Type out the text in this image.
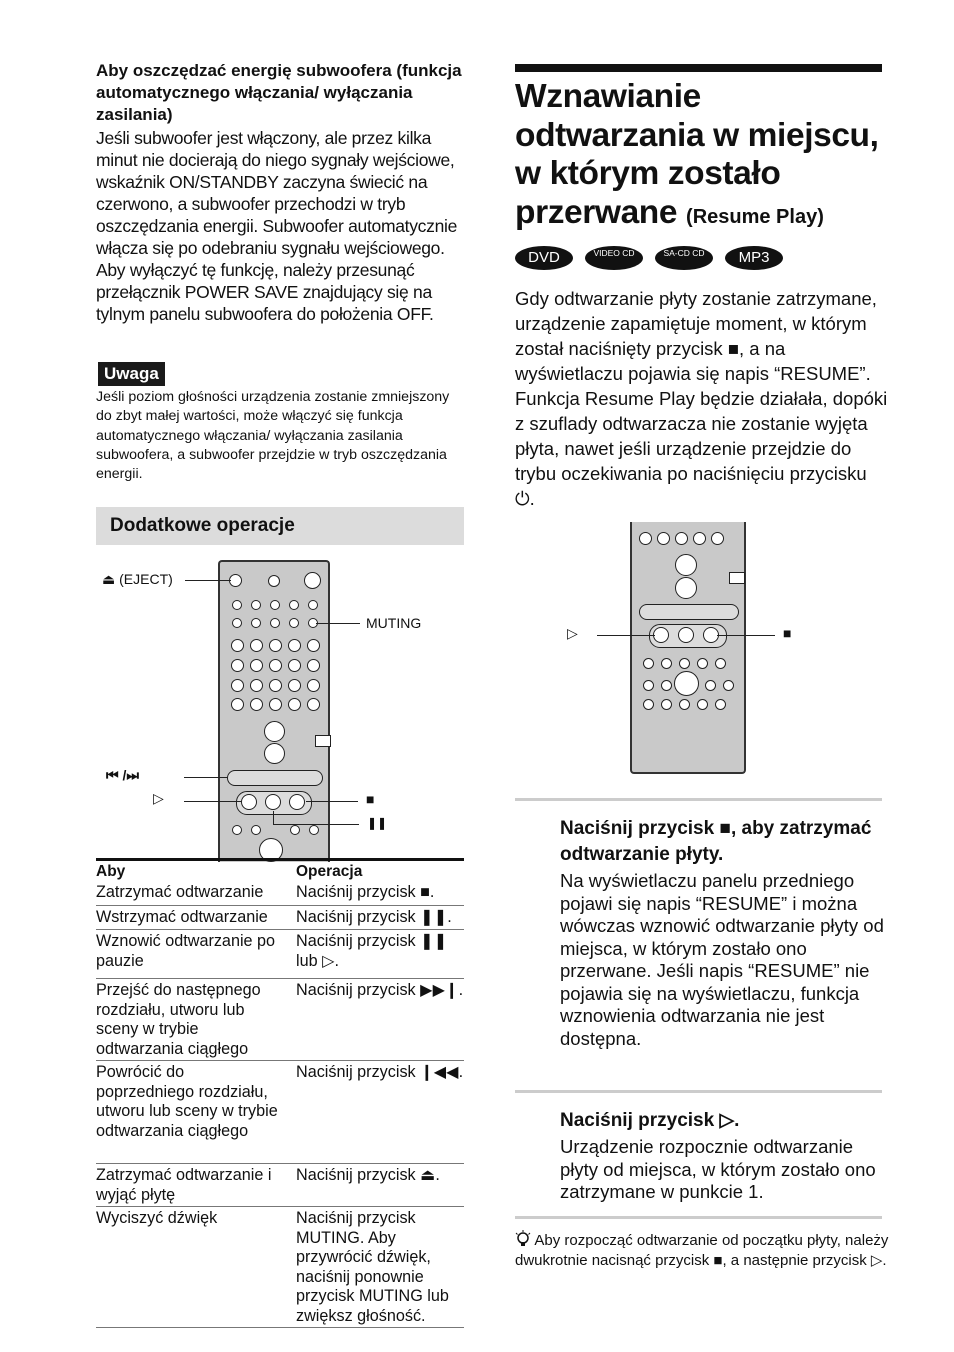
Aby oszczędzać energię subwoofera (funkcja automatycznego włączania/ wyłączania zasilania)
Jeśli subwoofer jest włączony, ale przez kilka minut nie docierają do niego sygnały wejściowe, wskaźnik ON/STANDBY zaczyna świecić na czerwono, a subwoofer przechodzi w tryb oszczędzania energii. Subwoofer automatycznie włącza się po odebraniu sygnału wejściowego. Aby wyłączyć tę funkcję, należy przesunąć przełącznik POWER SAVE znajdujący się na tylnym panelu subwoofera do położenia OFF.
Uwaga
Jeśli poziom głośności urządzenia zostanie zmniejszony do zbyt małej wartości, może włączyć się funkcja automatycznego włączania/ wyłączania zasilania subwoofera, a subwoofer przejdzie w tryb oszczędzania energii.
Dodatkowe operacje
⏏ (EJECT)
MUTING
⏮ /⏭
▷	■
❚❚
Aby	Operacja
Zatrzymać odtwarzanie	Naciśnij przycisk ■.
Wstrzymać odtwarzanie	Naciśnij przycisk ❚❚.
Wznowić odtwarzanie po pauzie
Naciśnij przycisk ❚❚ lub ▷.
Przejść do następnego rozdziału, utworu lub sceny w trybie odtwarzania ciągłego
Naciśnij przycisk ▶▶❙.
Powrócić do poprzedniego rozdziału, utworu lub sceny w trybie odtwarzania ciągłego
Naciśnij przycisk ❙◀◀.
Zatrzymać odtwarzanie i wyjąć płytę
Naciśnij przycisk ⏏.
Wyciszyć dźwięk	Naciśnij przycisk MUTING. Aby przywrócić dźwięk, naciśnij ponownie przycisk MUTING lub zwiększ głośność.
Wznawianie odtwarzania w miejscu, w którym zostało przerwane (Resume Play)
DVD	VIDEO CD	SA-CD CD	MP3
Gdy odtwarzanie płyty zostanie zatrzymane, urządzenie zapamiętuje moment, w którym został naciśnięty przycisk ■, a na wyświetlaczu pojawia się napis “RESUME”. Funkcja Resume Play będzie działała, dopóki z szuflady odtwarzacza nie zostanie wyjęta płyta, nawet jeśli urządzenie przejdzie do trybu oczekiwania po naciśnięciu przycisku ⏻.
▷	■
Naciśnij przycisk ■, aby zatrzymać odtwarzanie płyty.
Na wyświetlaczu panelu przedniego pojawi się napis “RESUME” i można wówczas wznowić odtwarzanie płyty od miejsca, w którym zostało ono przerwane. Jeśli napis “RESUME” nie pojawia się na wyświetlaczu, funkcja wznowienia odtwarzania nie jest dostępna.
Naciśnij przycisk ▷.
Urządzenie rozpocznie odtwarzanie płyty od miejsca, w którym zostało ono zatrzymane w punkcie 1.
Aby rozpocząć odtwarzanie od początku płyty, należy dwukrotnie nacisnąć przycisk ■, a następnie przycisk ▷.
